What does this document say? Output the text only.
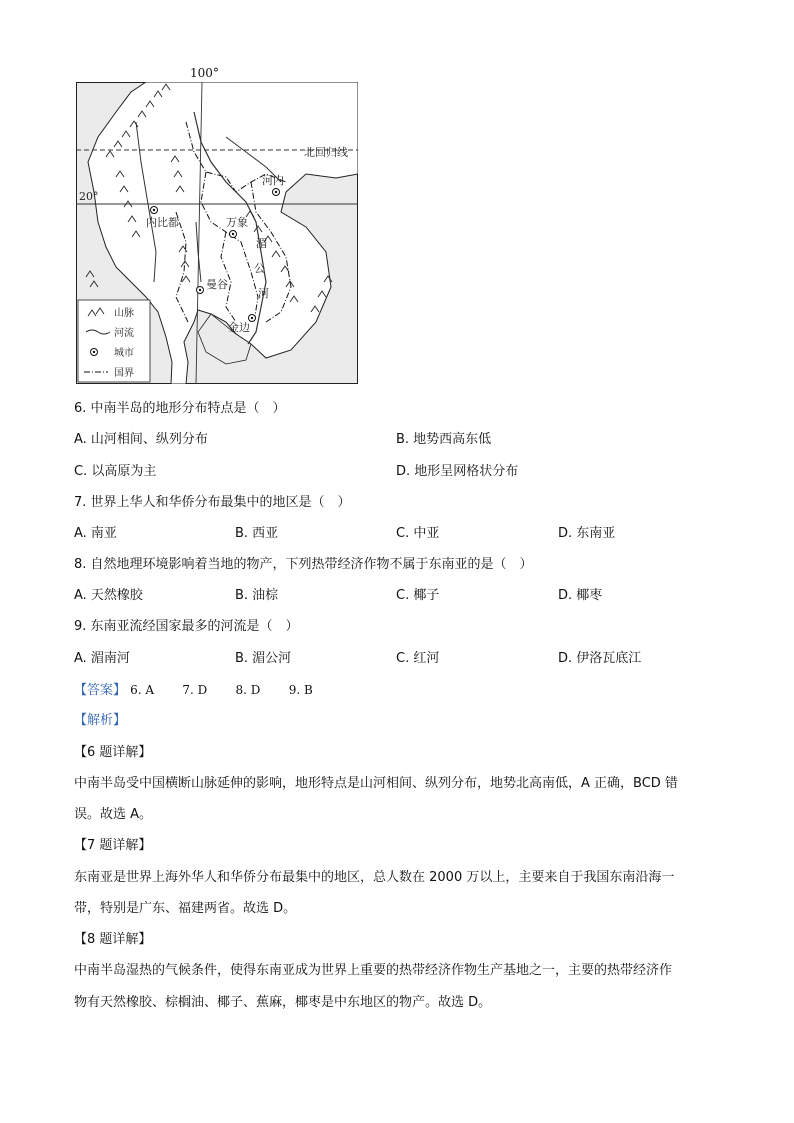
100°
北回归线
河内
内比都	万象
曼谷
金边
湄
公
河
20°
山脉
河流
城市
国界
6. 中南半岛的地形分布特点是（　）
A. 山河相间、纵列分布	B. 地势西高东低
C. 以高原为主	D. 地形呈网格状分布
7. 世界上华人和华侨分布最集中的地区是（　）
A. 南亚	B. 西亚	C. 中亚	D. 东南亚
8. 自然地理环境影响着当地的物产，下列热带经济作物不属于东南亚的是（　）
A. 天然橡胶	B. 油棕	C. 椰子	D. 椰枣
9. 东南亚流经国家最多的河流是（　）
A. 湄南河	B. 湄公河	C. 红河	D. 伊洛瓦底江
【答案】 6. A 7. D 8. D 9. B
【解析】
【6 题详解】
中南半岛受中国横断山脉延伸的影响，地形特点是山河相间、纵列分布，地势北高南低，A 正确，BCD 错
误。故选 A。
【7 题详解】
东南亚是世界上海外华人和华侨分布最集中的地区，总人数在 2000 万以上，主要来自于我国东南沿海一
带，特别是广东、福建两省。故选 D。
【8 题详解】
中南半岛湿热的气候条件，使得东南亚成为世界上重要的热带经济作物生产基地之一，主要的热带经济作
物有天然橡胶、棕榈油、椰子、蕉麻，椰枣是中东地区的物产。故选 D。
